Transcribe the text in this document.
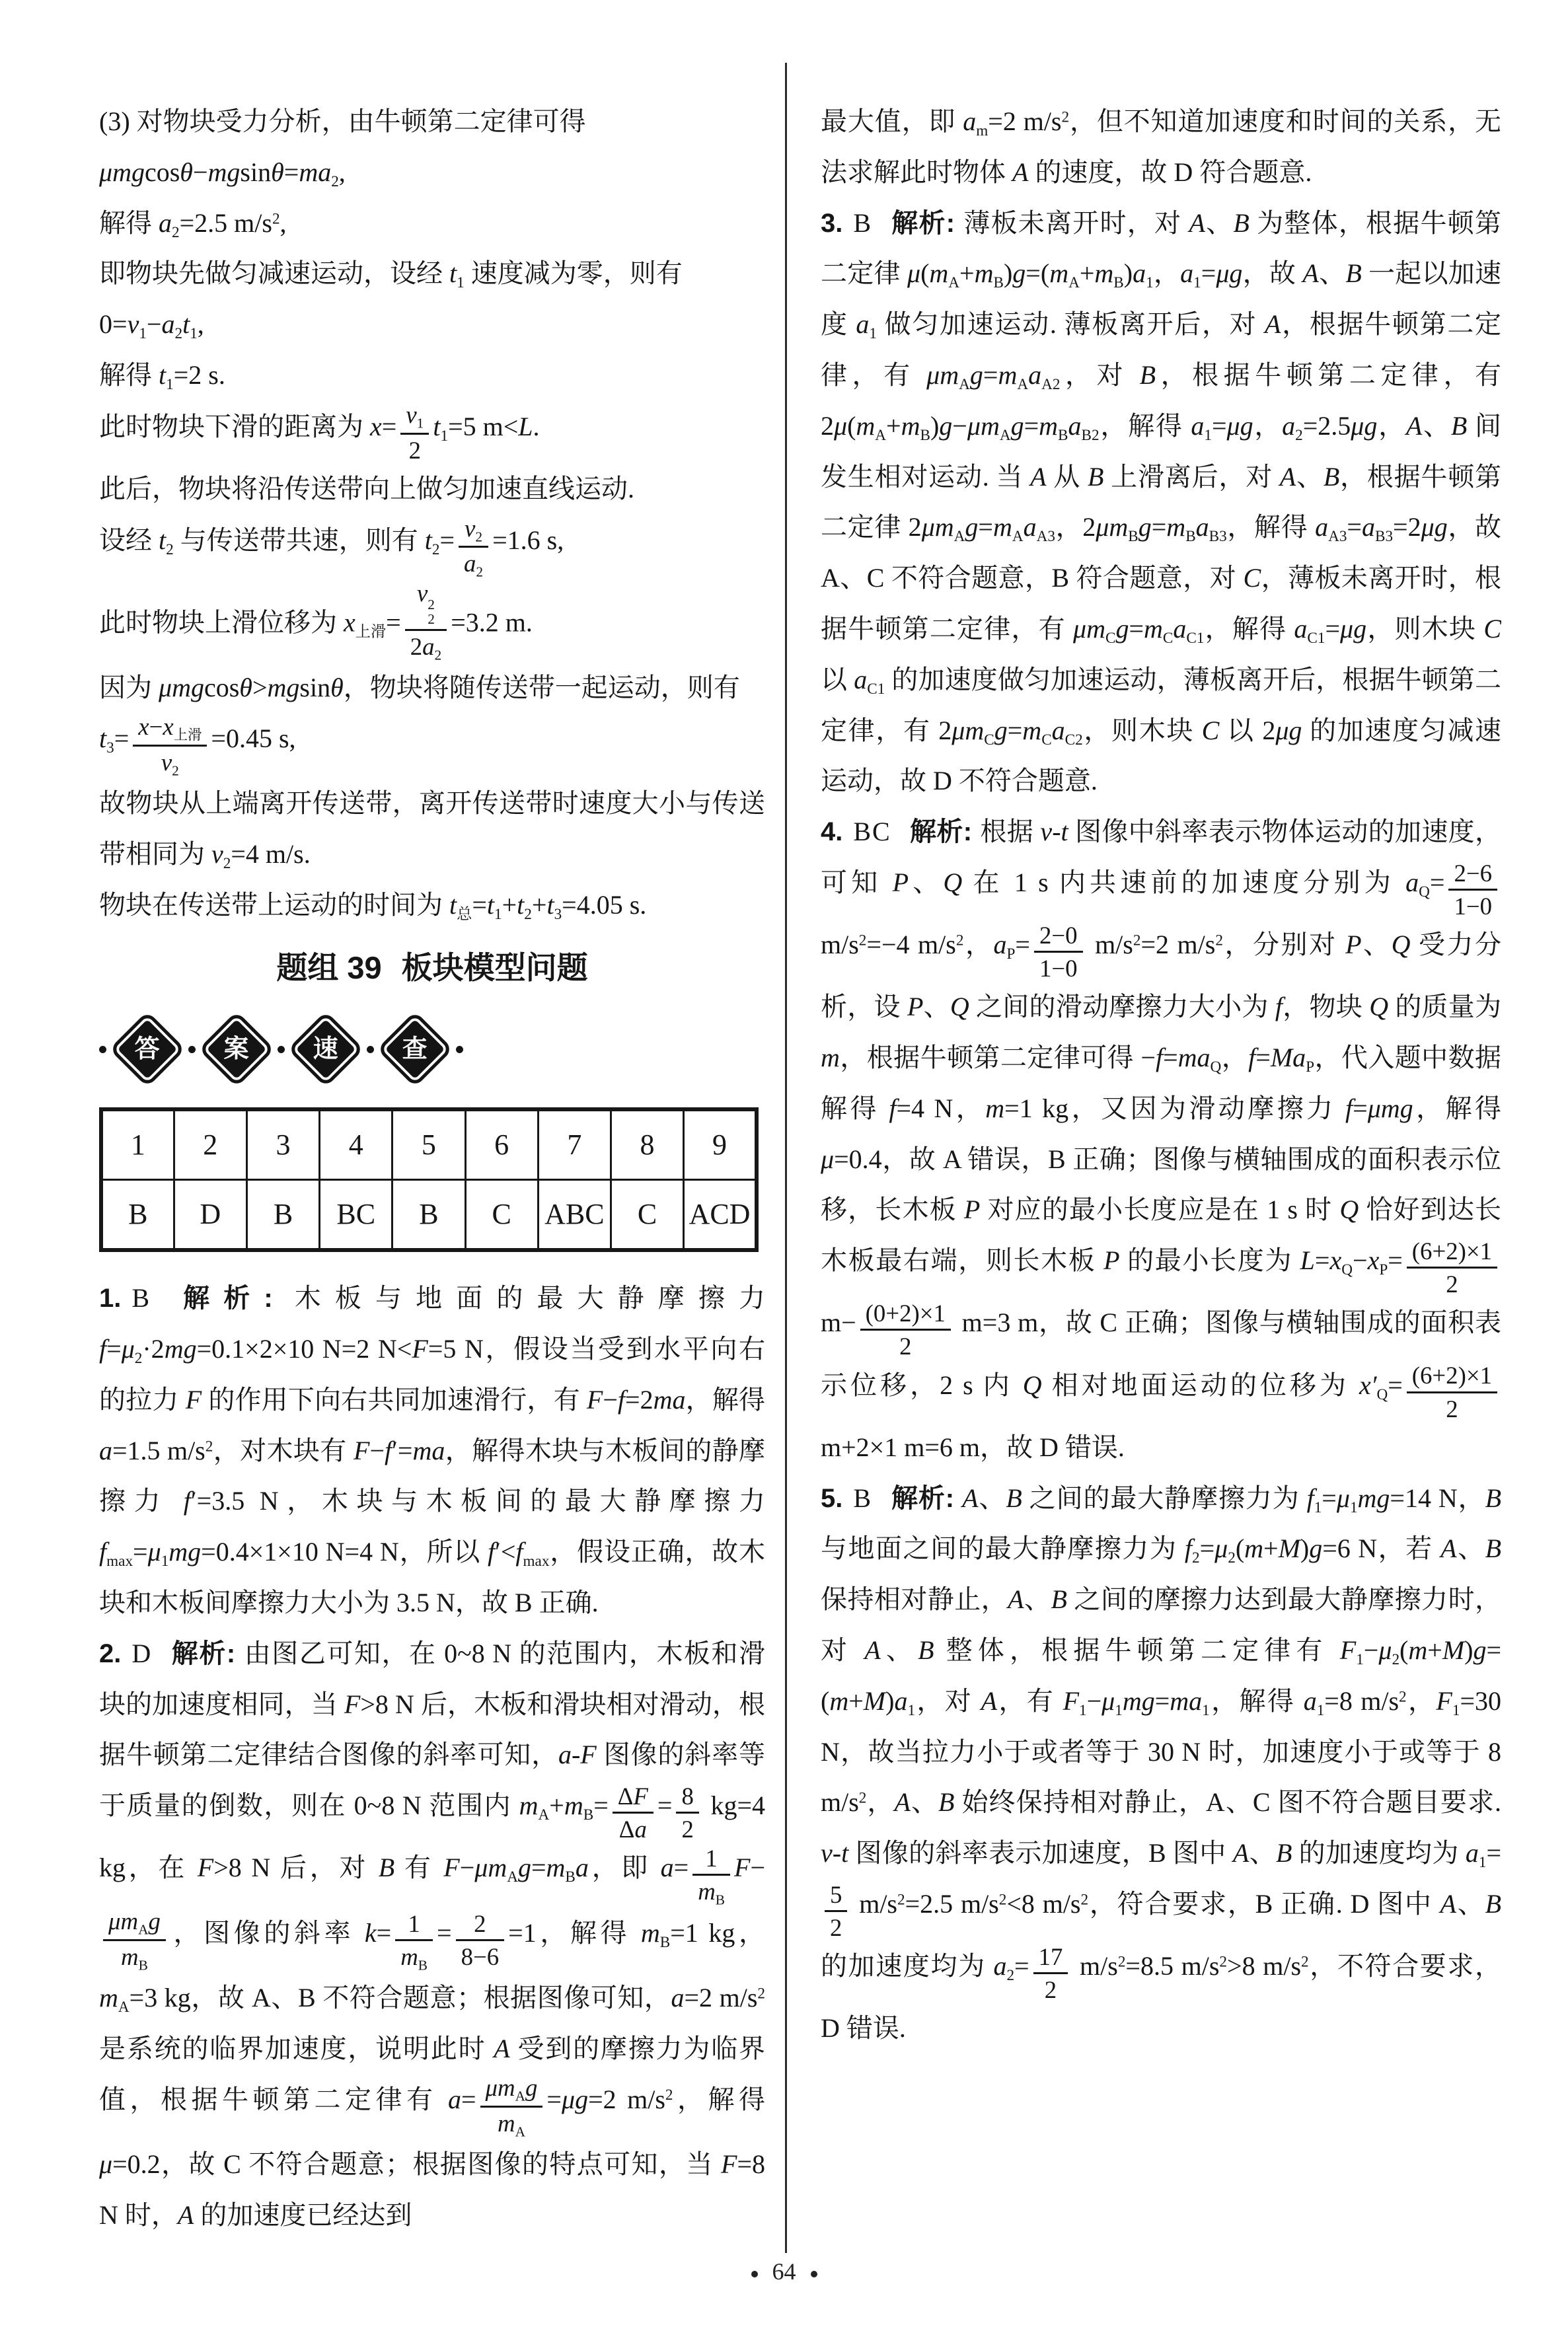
(3) 对物块受力分析，由牛顿第二定律可得

$\mu mgcos\theta-mgsin\theta=ma_2$,

解得 $a_2=2.5$ $m/s^2$,

即物块先做匀减速运动，设经 $t_1$ 速度减为零，则有

$0=v_1-a_2t_1$,

解得 $t_1=2$ s.

此时物块下滑的距离为 $x= \frac{v_1}{2} t_1=5$ m<L.

此后，物块将沿传送带向上做匀加速直线运动.

设经 $t_2$ 与传送带共速，则有 $t_2= \frac{v_2}{a_2} =1.6$ s,

此时物块上滑位移为 $x_{上滑}= v$ 2
2
$2a_2 =3.2$ m.

因为 μmgcosθ>mgsinθ，物块将随传送带一起运动，则有

$t_3= \frac{x-x_{上滑}}{v_2} =0.45$ s,

故物块从上端离开传送带，离开传送带时速度大小与传送带相同为 $v_2=4$ m/s.

物块在传送带上运动的时间为 $t_总=t_1+t_2+t_3=4.05$ s.

题组 39 板块模型问题
答	案	速	查
1	2	3	4	5	6	7	8	9
B	D	B	BC	B	C	ABC	C	ACD

1. B 解析: 木板与地面的最大静摩擦力 $f=\mu_2\cdot 2mg=0.1\times 2\times 10$ N=2 N<F=5 N，假设当受到水平向右的拉力 F 的作用下向右共同加速滑行，有 F−f=2ma，解得 a=1.5 $m/s^2$，对木块有 F−f′=ma，解得木块与木板间的静摩擦力 f′=3.5 N，木块与木板间的最大静摩擦力 $f_{max}=\mu_1mg=0.4\times 1\times 10$ N=4 N，所以 $f'<f_{max}$，假设正确，故木块和木板间摩擦力大小为 3.5 N，故 B 正确.

2. D 解析: 由图乙可知，在 0~8 N 的范围内，木板和滑块的加速度相同，当 F>8 N 后，木板和滑块相对滑动，根据牛顿第二定律结合图像的斜率可知，a-F 图像的斜率等于质量的倒数，则在 0~8 N 范围内 $m_A+m_B= \frac{\Delta F}{\Delta a} = \frac{8}{2} kg=4$ kg，在 F>8 N 后，对 B 有 $F-\mu m_Ag=m_Ba$，即 $a= \frac{1}{m_B} F-$
$\frac{\mu m_Ag}{m_B}$ ，图像的斜率 $k= \frac{1}{m_B} = \frac{2}{8-6} =1$，解得 $m_B=1$ kg，$m_A=3$ kg，故 A、B 不符合题意；根据图像可知，a=2 $m/s^2$ 是系统的临界加速度，说明此时 A 受到的摩擦力为临界值，根据牛顿第二定律有 $a= \frac{\mu m_Ag}{m_A} =\mu g=2$ $m/s^2$，解得 μ=0.2，故 C 不符合题意；根据图像的特点可知，当 F=8 N 时，A 的加速度已经达到

最大值，即 $a_m=2$ $m/s^2$，但不知道加速度和时间的关系，无法求解此时物体 A 的速度，故 D 符合题意.

3. B 解析: 薄板未离开时，对 A、B 为整体，根据牛顿第二定律 $\mu(m_A+m_B)g=(m_A+m_B)a_1$，$a_1=\mu g$，故 A、B 一起以加速度 $a_1$ 做匀加速运动. 薄板离开后，对 A，根据牛顿第二定律，有 $\mu m_Ag=m_Aa_{A2}$，对 B，根据牛顿第二定律，有 $2\mu(m_A+m_B)g-\mu m_Ag=m_Ba_{B2}$，解得 $a_1=\mu g$，$a_2=2.5\mu g$，A、B 间发生相对运动. 当 A 从 B 上滑离后，对 A、B，根据牛顿第二定律 $2\mu m_Ag=m_Aa_{A3}$，$2\mu m_Bg=m_Ba_{B3}$，解得 $a_{A3}=a_{B3}=2\mu g$，故 A、C 不符合题意，B 符合题意，对 C，薄板未离开时，根据牛顿第二定律，有 $\mu m_Cg=m_Ca_{C1}$，解得 $a_{C1}=\mu g$，则木块 C 以 $a_{C1}$ 的加速度做匀加速运动，薄板离开后，根据牛顿第二定律，有 $2\mu m_Cg=m_Ca_{C2}$，则木块 C 以 2μg 的加速度匀减速运动，故 D 不符合题意.

4. BC 解析: 根据 v-t 图像中斜率表示物体运动的加速度，可知 P、Q 在 1 s 内共速前的加速度分别为 $a_Q= \frac{2-6}{1-0}$
$m/s^2=-4$ $m/s^2$，$a_P= \frac{2-0}{1-0} m/s^2=2$ $m/s^2$，分别对 P、Q 受力分析，设 P、Q 之间的滑动摩擦力大小为 f，物块 Q 的质量为 m，根据牛顿第二定律可得 $-f=ma_Q$，$f=Ma_P$，代入题中数据解得 f=4 N，m=1 kg，又因为滑动摩擦力 f=μmg，解得 μ=0.4，故 A 错误，B 正确；图像与横轴围成的面积表示位移，长木板 P 对应的最小长度应是在 1 s 时 Q 恰好到达长木板最右端，则长木板 P 的最小长度为 $L=x_Q-x_P= \frac{(6+2)\times 1}{2}$
$m- \frac{(0+2)\times 1}{2} m=3$ m，故 C 正确；图像与横轴围成的面积表示位移，2 s 内 Q 相对地面运动的位移为 $x'_Q= \frac{(6+2)\times 1}{2}$
m+2×1 m=6 m，故 D 错误.

5. B 解析: A、B 之间的最大静摩擦力为 $f_1=\mu_1mg=14$ N，B 与地面之间的最大静摩擦力为 $f_2=\mu_2(m+M)g=6$ N，若 A、B 保持相对静止，A、B 之间的摩擦力达到最大静摩擦力时，对 A、B 整体，根据牛顿第二定律有 $F_1-\mu_2(m+M)g=(m+M)a_1$，对 A，有 $F_1-\mu_1mg=ma_1$，解得 $a_1=8$ $m/s^2$，$F_1=30$ N，故当拉力小于或者等于 30 N 时，加速度小于或等于 8 $m/s^2$，A、B 始终保持相对静止，A、C 图不符合题目要求. v-t 图像的斜率表示加速度，B 图中 A、B 的加速度均为 $a_1=$
$\frac{5}{2} m/s^2=2.5$ $m/s^2<8$ $m/s^2$，符合要求，B 正确. D 图中 A、B 的加速度均为 $a_2= \frac{17}{2} m/s^2=8.5$ $m/s^2>8$ $m/s^2$，不符合要求，D 错误.

64
